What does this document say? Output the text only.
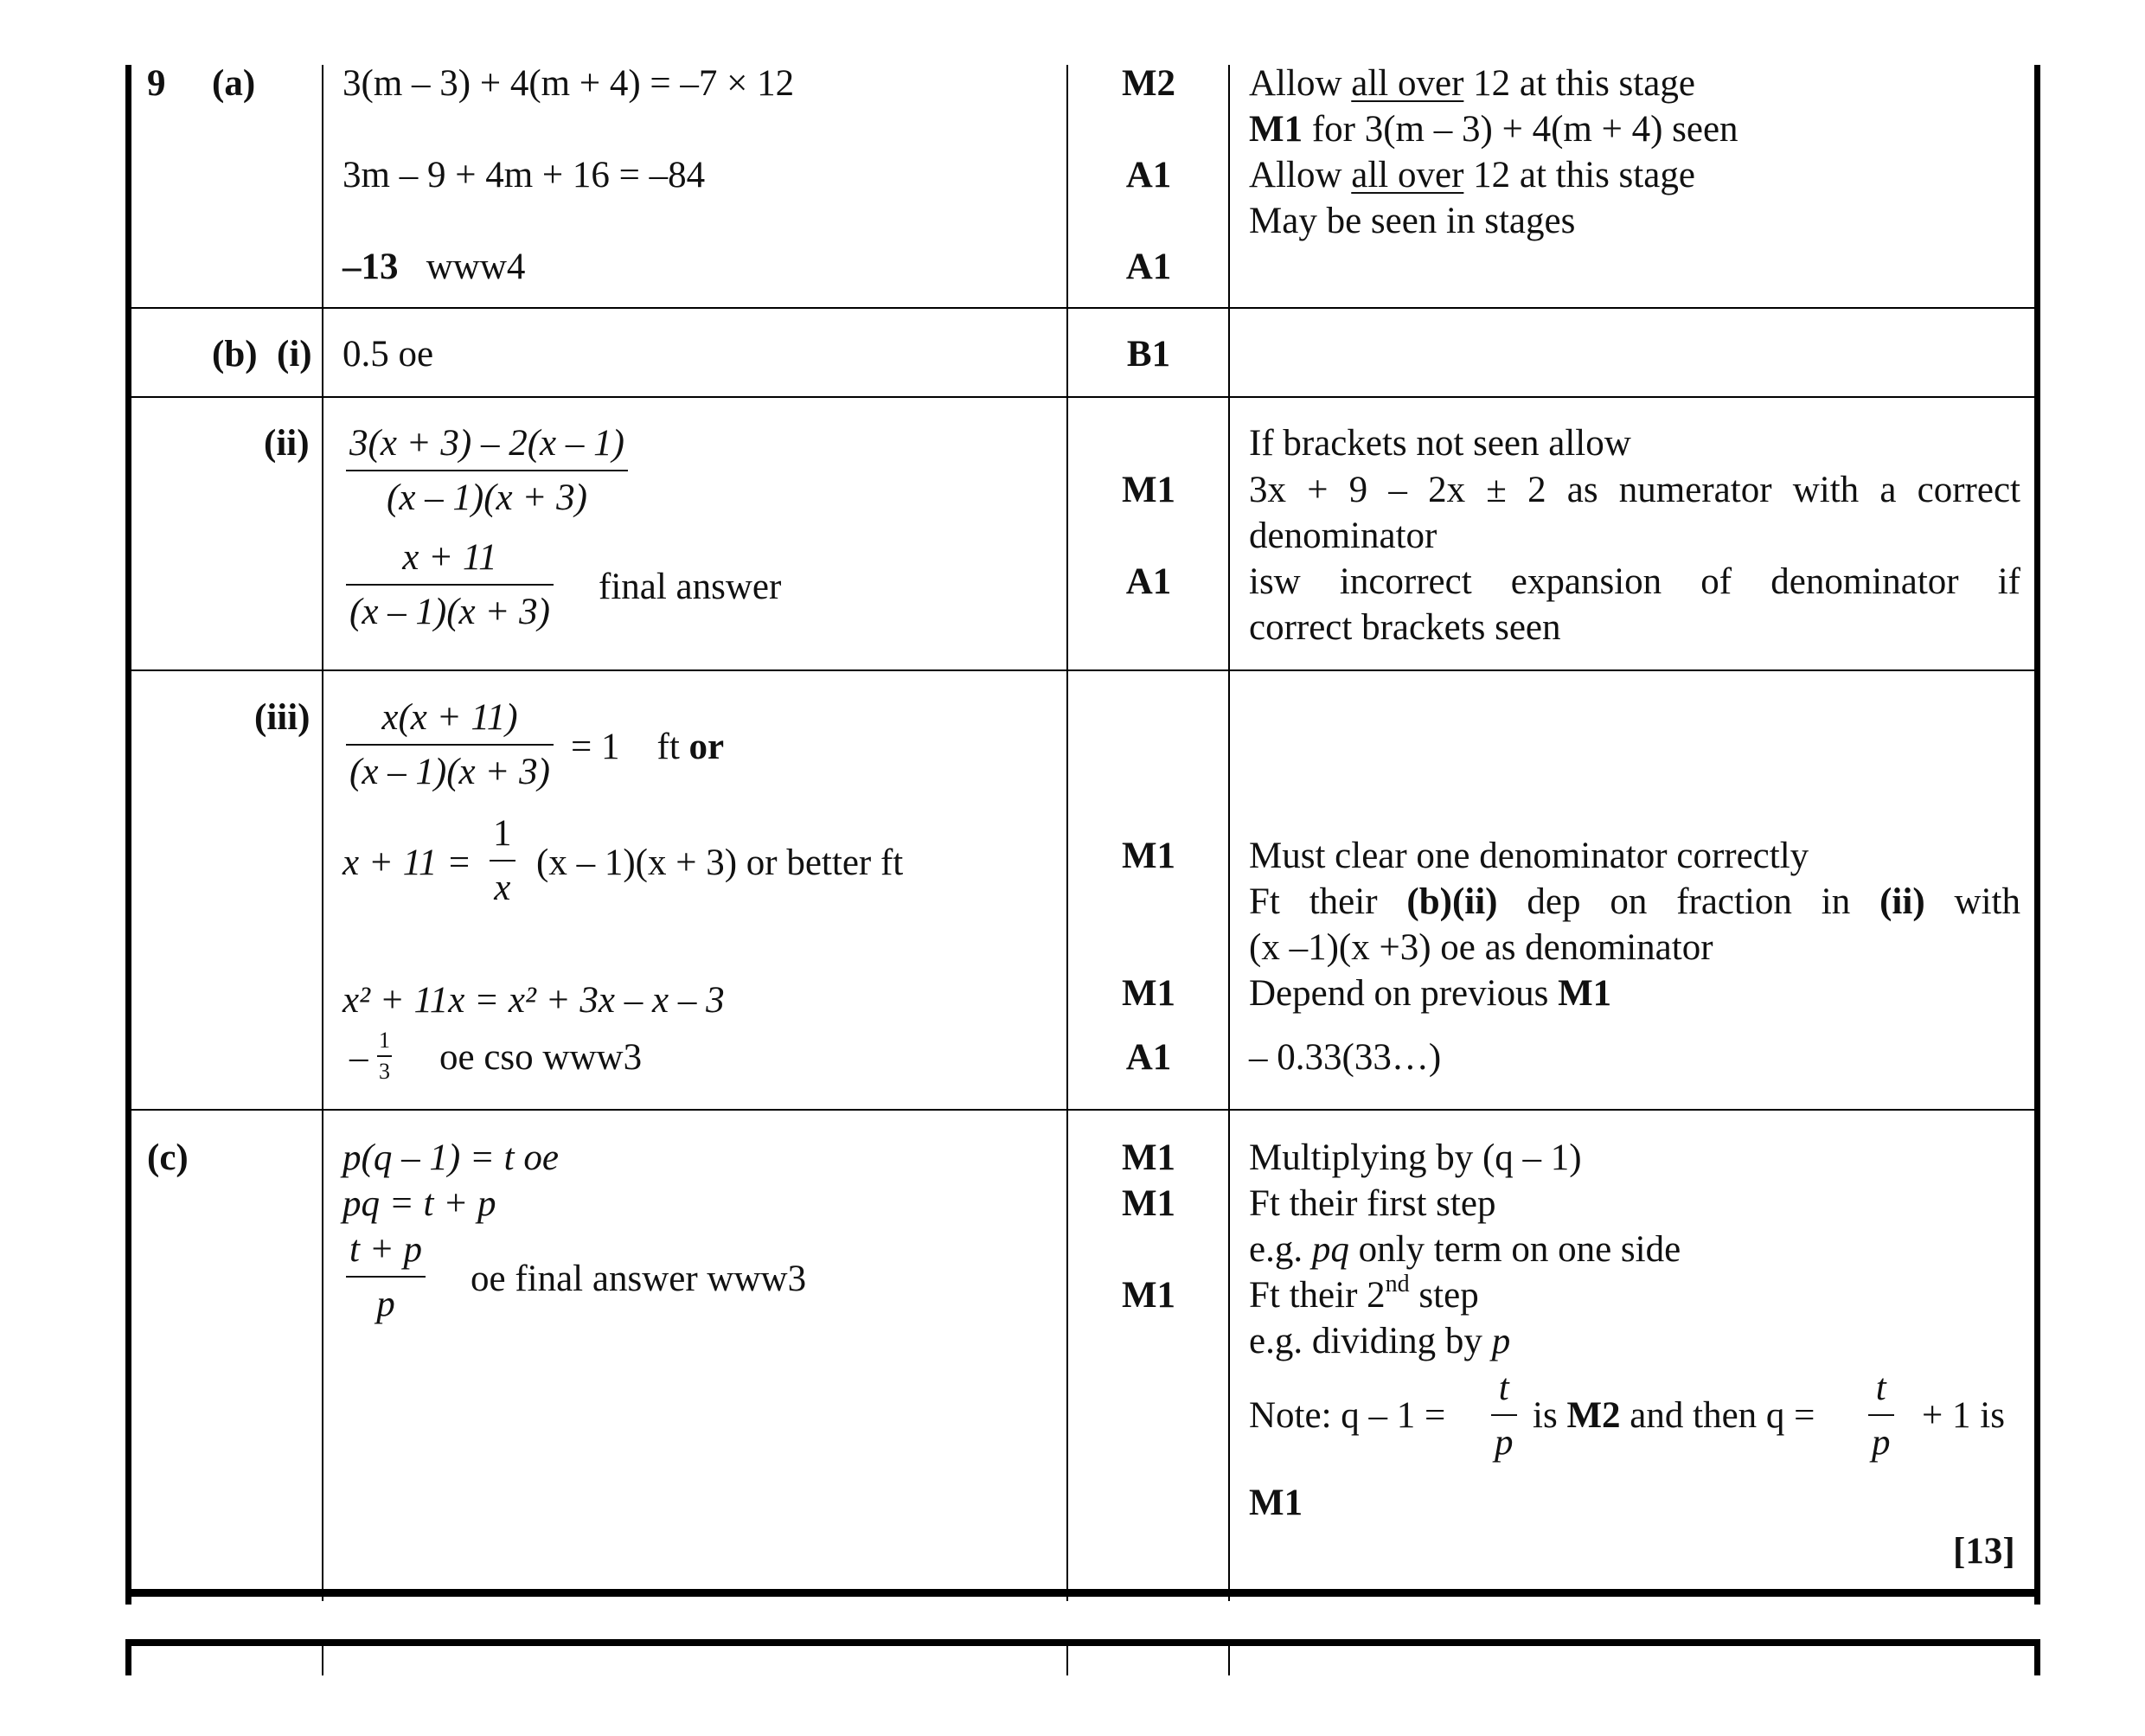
9 (a) 3(m – 3) + 4(m + 4) = –7 × 12
3m – 9 + 4m + 16 = –84
–13 www4
M2
A1
A1
Allow all over 12 at this stage
M1 for 3(m – 3) + 4(m + 4) seen
Allow all over 12 at this stage
May be seen in stages
(b) (i) 0.5 oe	B1
(ii) 3(x + 3) – 2(x – 1)
(x – 1)(x + 3)
x + 11
(x – 1)(x + 3)
final answer
M1
A1
If brackets not seen allow
3x + 9 – 2x ± 2 as numerator with a correct
denominator
isw incorrect expansion of denominator if
correct brackets seen
(iii) x(x + 11)
(x – 1)(x + 3)
= 1 ft or
x + 11 =
1
x
(x – 1)(x + 3) or better ft
x² + 11x = x² + 3x – x – 3
– 1
3 oe cso www3
M1
M1
A1
Must clear one denominator correctly
Ft their (b)(ii) dep on fraction in (ii) with
(x –1)(x +3) oe as denominator
Depend on previous M1
– 0.33(33…)
(c)	p(q – 1) = t oe
pq = t + p
t + p
p
oe final answer www3
M1
M1
M1
Multiplying by (q – 1)
Ft their first step
e.g. pq only term on one side
Ft their 2nd step
e.g. dividing by p
Note: q – 1 =
t
p
is M2 and then q =
t
p
+ 1 is
M1
[13]
